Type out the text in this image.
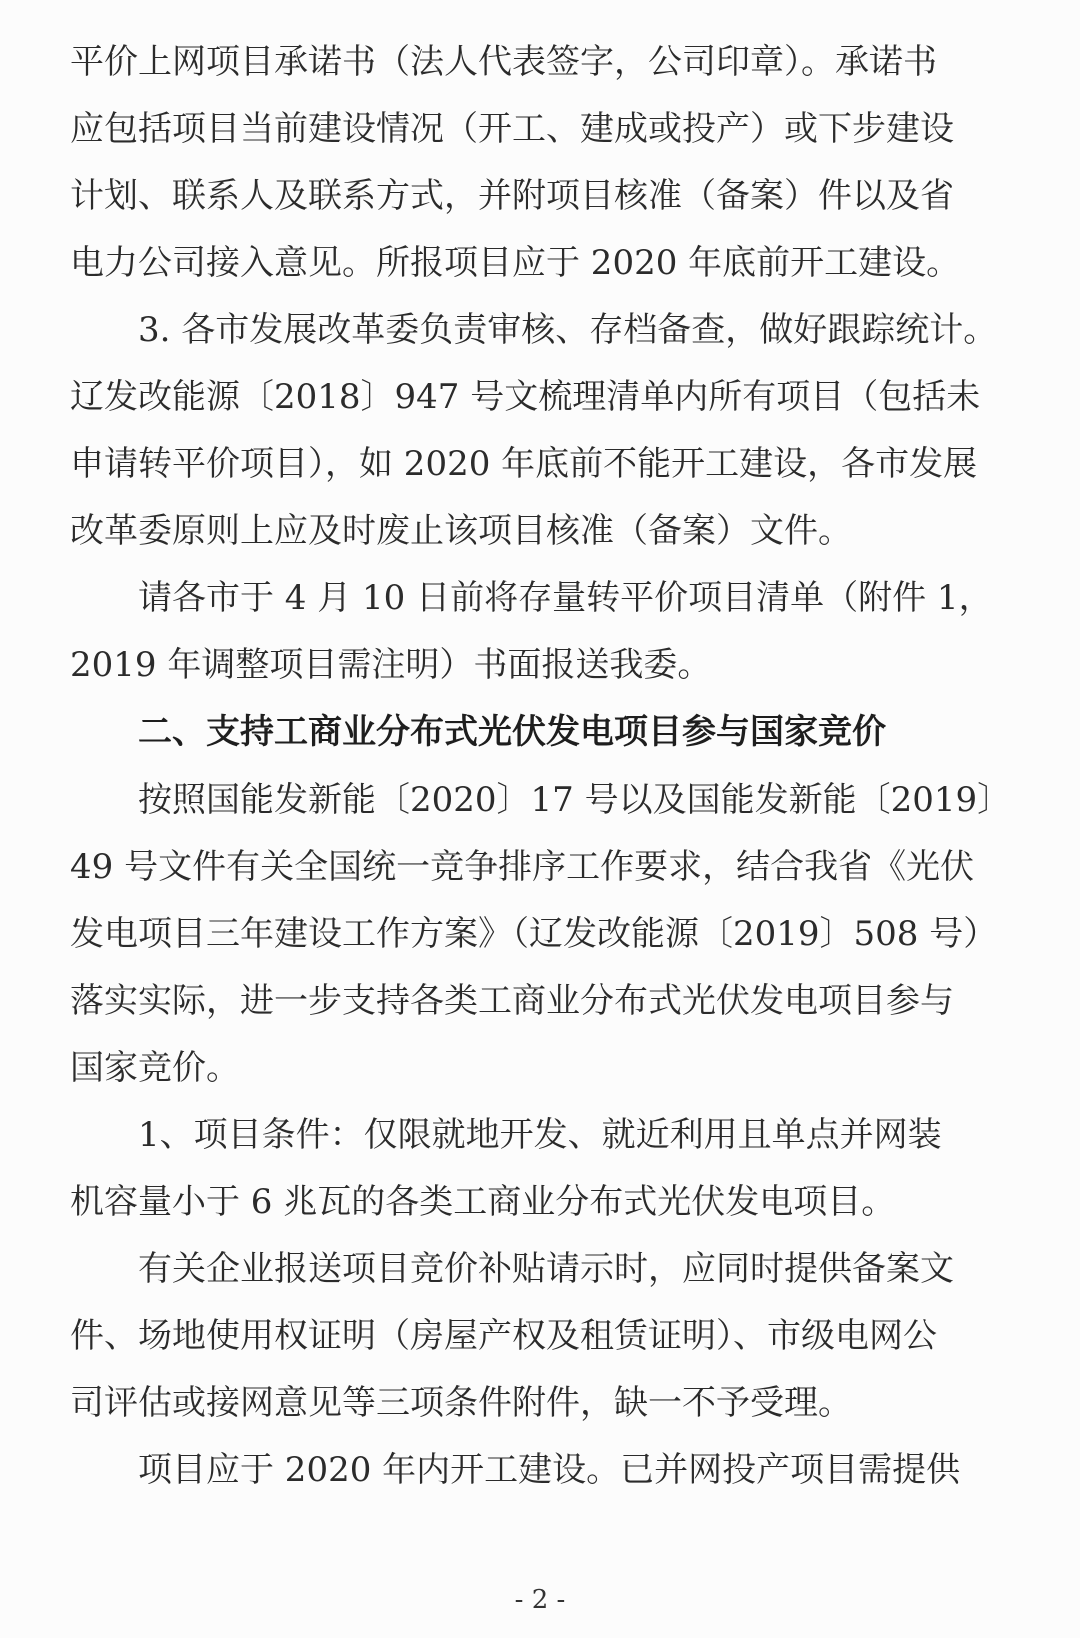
平价上网项目承诺书（法人代表签字，公司印章）。承诺书
应包括项目当前建设情况（开工、建成或投产）或下步建设
计划、联系人及联系方式，并附项目核准（备案）件以及省
电力公司接入意见。所报项目应于 2020 年底前开工建设。
3. 各市发展改革委负责审核、存档备查，做好跟踪统计。
辽发改能源〔2018〕947 号文梳理清单内所有项目（包括未
申请转平价项目），如 2020 年底前不能开工建设，各市发展
改革委原则上应及时废止该项目核准（备案）文件。
请各市于 4 月 10 日前将存量转平价项目清单（附件 1，
2019 年调整项目需注明）书面报送我委。
二、支持工商业分布式光伏发电项目参与国家竞价
按照国能发新能〔2020〕17 号以及国能发新能〔2019〕
49 号文件有关全国统一竞争排序工作要求，结合我省《光伏
发电项目三年建设工作方案》（辽发改能源〔2019〕508 号）
落实实际，进一步支持各类工商业分布式光伏发电项目参与
国家竞价。
1、项目条件：仅限就地开发、就近利用且单点并网装
机容量小于 6 兆瓦的各类工商业分布式光伏发电项目。
有关企业报送项目竞价补贴请示时，应同时提供备案文
件、场地使用权证明（房屋产权及租赁证明）、市级电网公
司评估或接网意见等三项条件附件，缺一不予受理。
项目应于 2020 年内开工建设。已并网投产项目需提供
- 2 -
